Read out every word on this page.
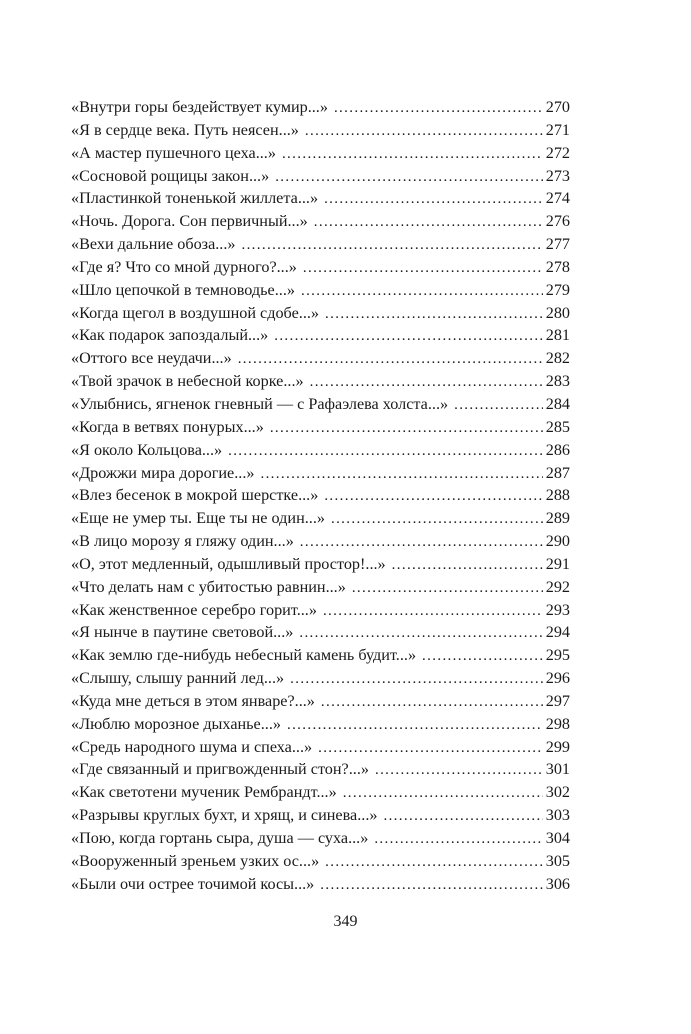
«Внутри горы бездействует кумир...» . . .	270
«Я в сердце века. Путь неясен...» . . .	271
«А мастер пушечного цеха...» . . .	272
«Сосновой рощицы закон...» . . .	273
«Пластинкой тоненькой жиллета...» . . .	274
«Ночь. Дорога. Сон первичный...» . . .	276
«Вехи дальние обоза...» . . .	277
«Где я? Что со мной дурного?...» . . .	278
«Шло цепочкой в темноводье...» . . .	279
«Когда щегол в воздушной сдобе...» . . .	280
«Как подарок запоздалый...» . . .	281
«Оттого все неудачи...» . . .	282
«Твой зрачок в небесной корке...» . . .	283
«Улыбнись, ягненок гневный — с Рафаэлева холста...» . . .	284
«Когда в ветвях понурых...» . . .	285
«Я около Кольцова...» . . .	286
«Дрожжи мира дорогие...» . . .	287
«Влез бесенок в мокрой шерстке...» . . .	288
«Еще не умер ты. Еще ты не один...» . . .	289
«В лицо морозу я гляжу один...» . . .	290
«О, этот медленный, одышливый простор!...» . . .	291
«Что делать нам с убитостью равнин...» . . .	292
«Как женственное серебро горит...» . . .	293
«Я нынче в паутине световой...» . . .	294
«Как землю где-нибудь небесный камень будит...» . . .	295
«Слышу, слышу ранний лед...» . . .	296
«Куда мне деться в этом январе?...» . . .	297
«Люблю морозное дыханье...» . . .	298
«Средь народного шума и спеха...» . . .	299
«Где связанный и пригвожденный стон?...» . . .	301
«Как светотени мученик Рембрандт...» . . .	302
«Разрывы круглых бухт, и хрящ, и синева...» . . .	303
«Пою, когда гортань сыра, душа — суха...» . . .	304
«Вооруженный зреньем узких ос...» . . .	305
«Были очи острее точимой косы...» . . .	306
349
